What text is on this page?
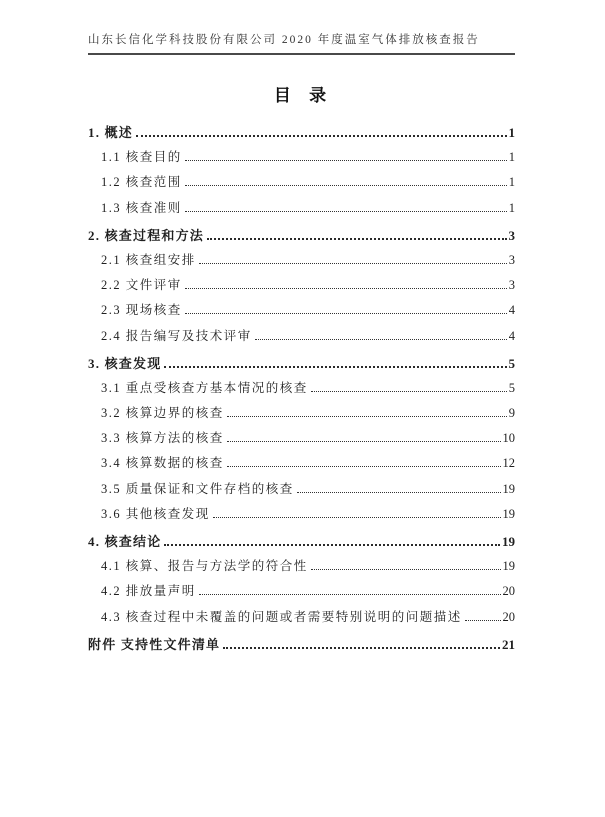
山东长信化学科技股份有限公司 2020 年度温室气体排放核查报告
目 录
1. 概述	1
1.1 核查目的	1
1.2 核查范围	1
1.3 核查准则	1
2. 核查过程和方法	3
2.1 核查组安排	3
2.2 文件评审	3
2.3 现场核查	4
2.4 报告编写及技术评审	4
3. 核查发现	5
3.1 重点受核查方基本情况的核查	5
3.2 核算边界的核查	9
3.3 核算方法的核查	10
3.4 核算数据的核查	12
3.5 质量保证和文件存档的核查	19
3.6 其他核查发现	19
4. 核查结论	19
4.1 核算、报告与方法学的符合性	19
4.2 排放量声明	20
4.3 核查过程中未覆盖的问题或者需要特别说明的问题描述	20
附件 支持性文件清单	21
